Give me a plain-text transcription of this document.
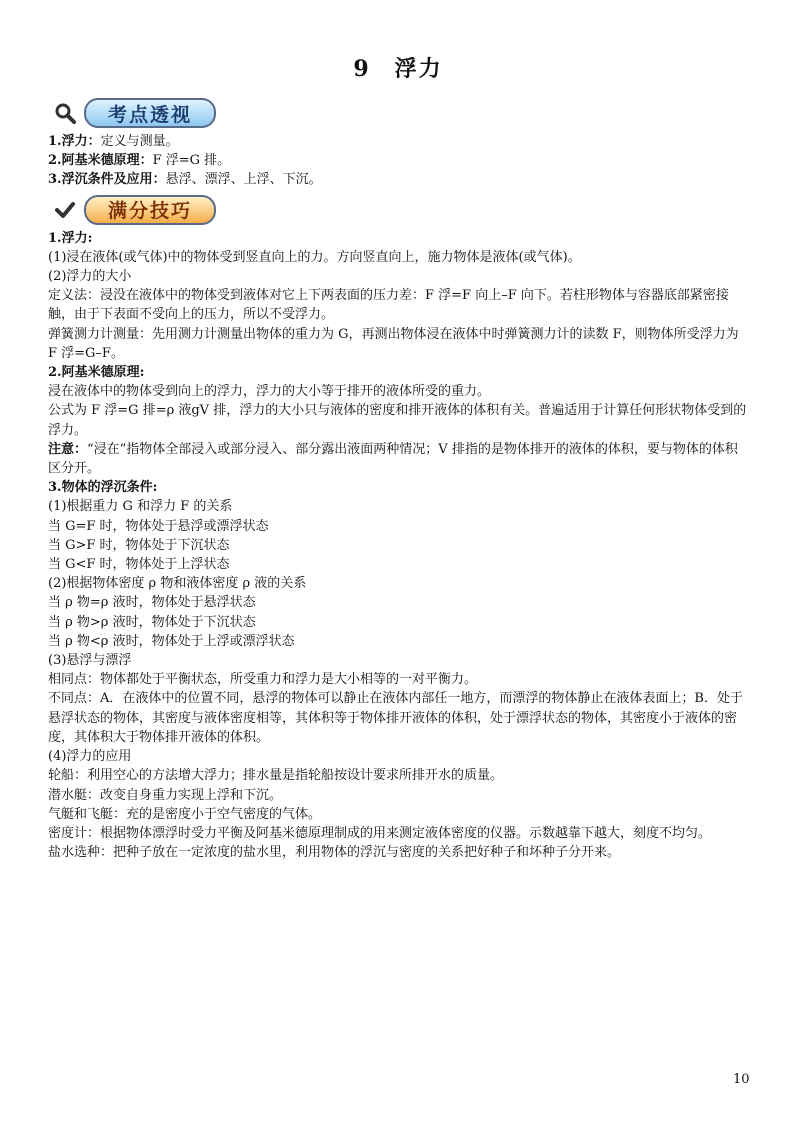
9　浮力
考点透视
1.浮力：定义与测量。
2.阿基米德原理：F 浮=G 排。
3.浮沉条件及应用：悬浮、漂浮、上浮、下沉。
满分技巧
1.浮力:
(1)浸在液体(或气体)中的物体受到竖直向上的力。方向竖直向上，施力物体是液体(或气体)。
(2)浮力的大小
定义法：浸没在液体中的物体受到液体对它上下两表面的压力差：F 浮=F 向上–F 向下。若柱形物体与容器底部紧密接触，由于下表面不受向上的压力，所以不受浮力。
弹簧测力计测量：先用测力计测量出物体的重力为 G，再测出物体浸在液体中时弹簧测力计的读数 F，则物体所受浮力为 F 浮=G–F。
2.阿基米德原理:
浸在液体中的物体受到向上的浮力，浮力的大小等于排开的液体所受的重力。
公式为 F 浮=G 排=ρ 液gV 排，浮力的大小只与液体的密度和排开液体的体积有关。普遍适用于计算任何形状物体受到的浮力。
注意：“浸在”指物体全部浸入或部分浸入、部分露出液面两种情况；V 排指的是物体排开的液体的体积，要与物体的体积区分开。
3.物体的浮沉条件:
(1)根据重力 G 和浮力 F 的关系
当 G=F 时，物体处于悬浮或漂浮状态
当 G>F 时，物体处于下沉状态
当 G<F 时，物体处于上浮状态
(2)根据物体密度 ρ 物和液体密度 ρ 液的关系
当 ρ 物=ρ 液时，物体处于悬浮状态
当 ρ 物>ρ 液时，物体处于下沉状态
当 ρ 物<ρ 液时，物体处于上浮或漂浮状态
(3)悬浮与漂浮
相同点：物体都处于平衡状态，所受重力和浮力是大小相等的一对平衡力。
不同点：A．在液体中的位置不同，悬浮的物体可以静止在液体内部任一地方，而漂浮的物体静止在液体表面上；B．处于悬浮状态的物体，其密度与液体密度相等，其体积等于物体排开液体的体积，处于漂浮状态的物体，其密度小于液体的密度，其体积大于物体排开液体的体积。
(4)浮力的应用
轮船：利用空心的方法增大浮力；排水量是指轮船按设计要求所排开水的质量。
潜水艇：改变自身重力实现上浮和下沉。
气艇和飞艇：充的是密度小于空气密度的气体。
密度计：根据物体漂浮时受力平衡及阿基米德原理制成的用来测定液体密度的仪器。示数越靠下越大，刻度不均匀。
盐水选种：把种子放在一定浓度的盐水里，利用物体的浮沉与密度的关系把好种子和坏种子分开来。
10
